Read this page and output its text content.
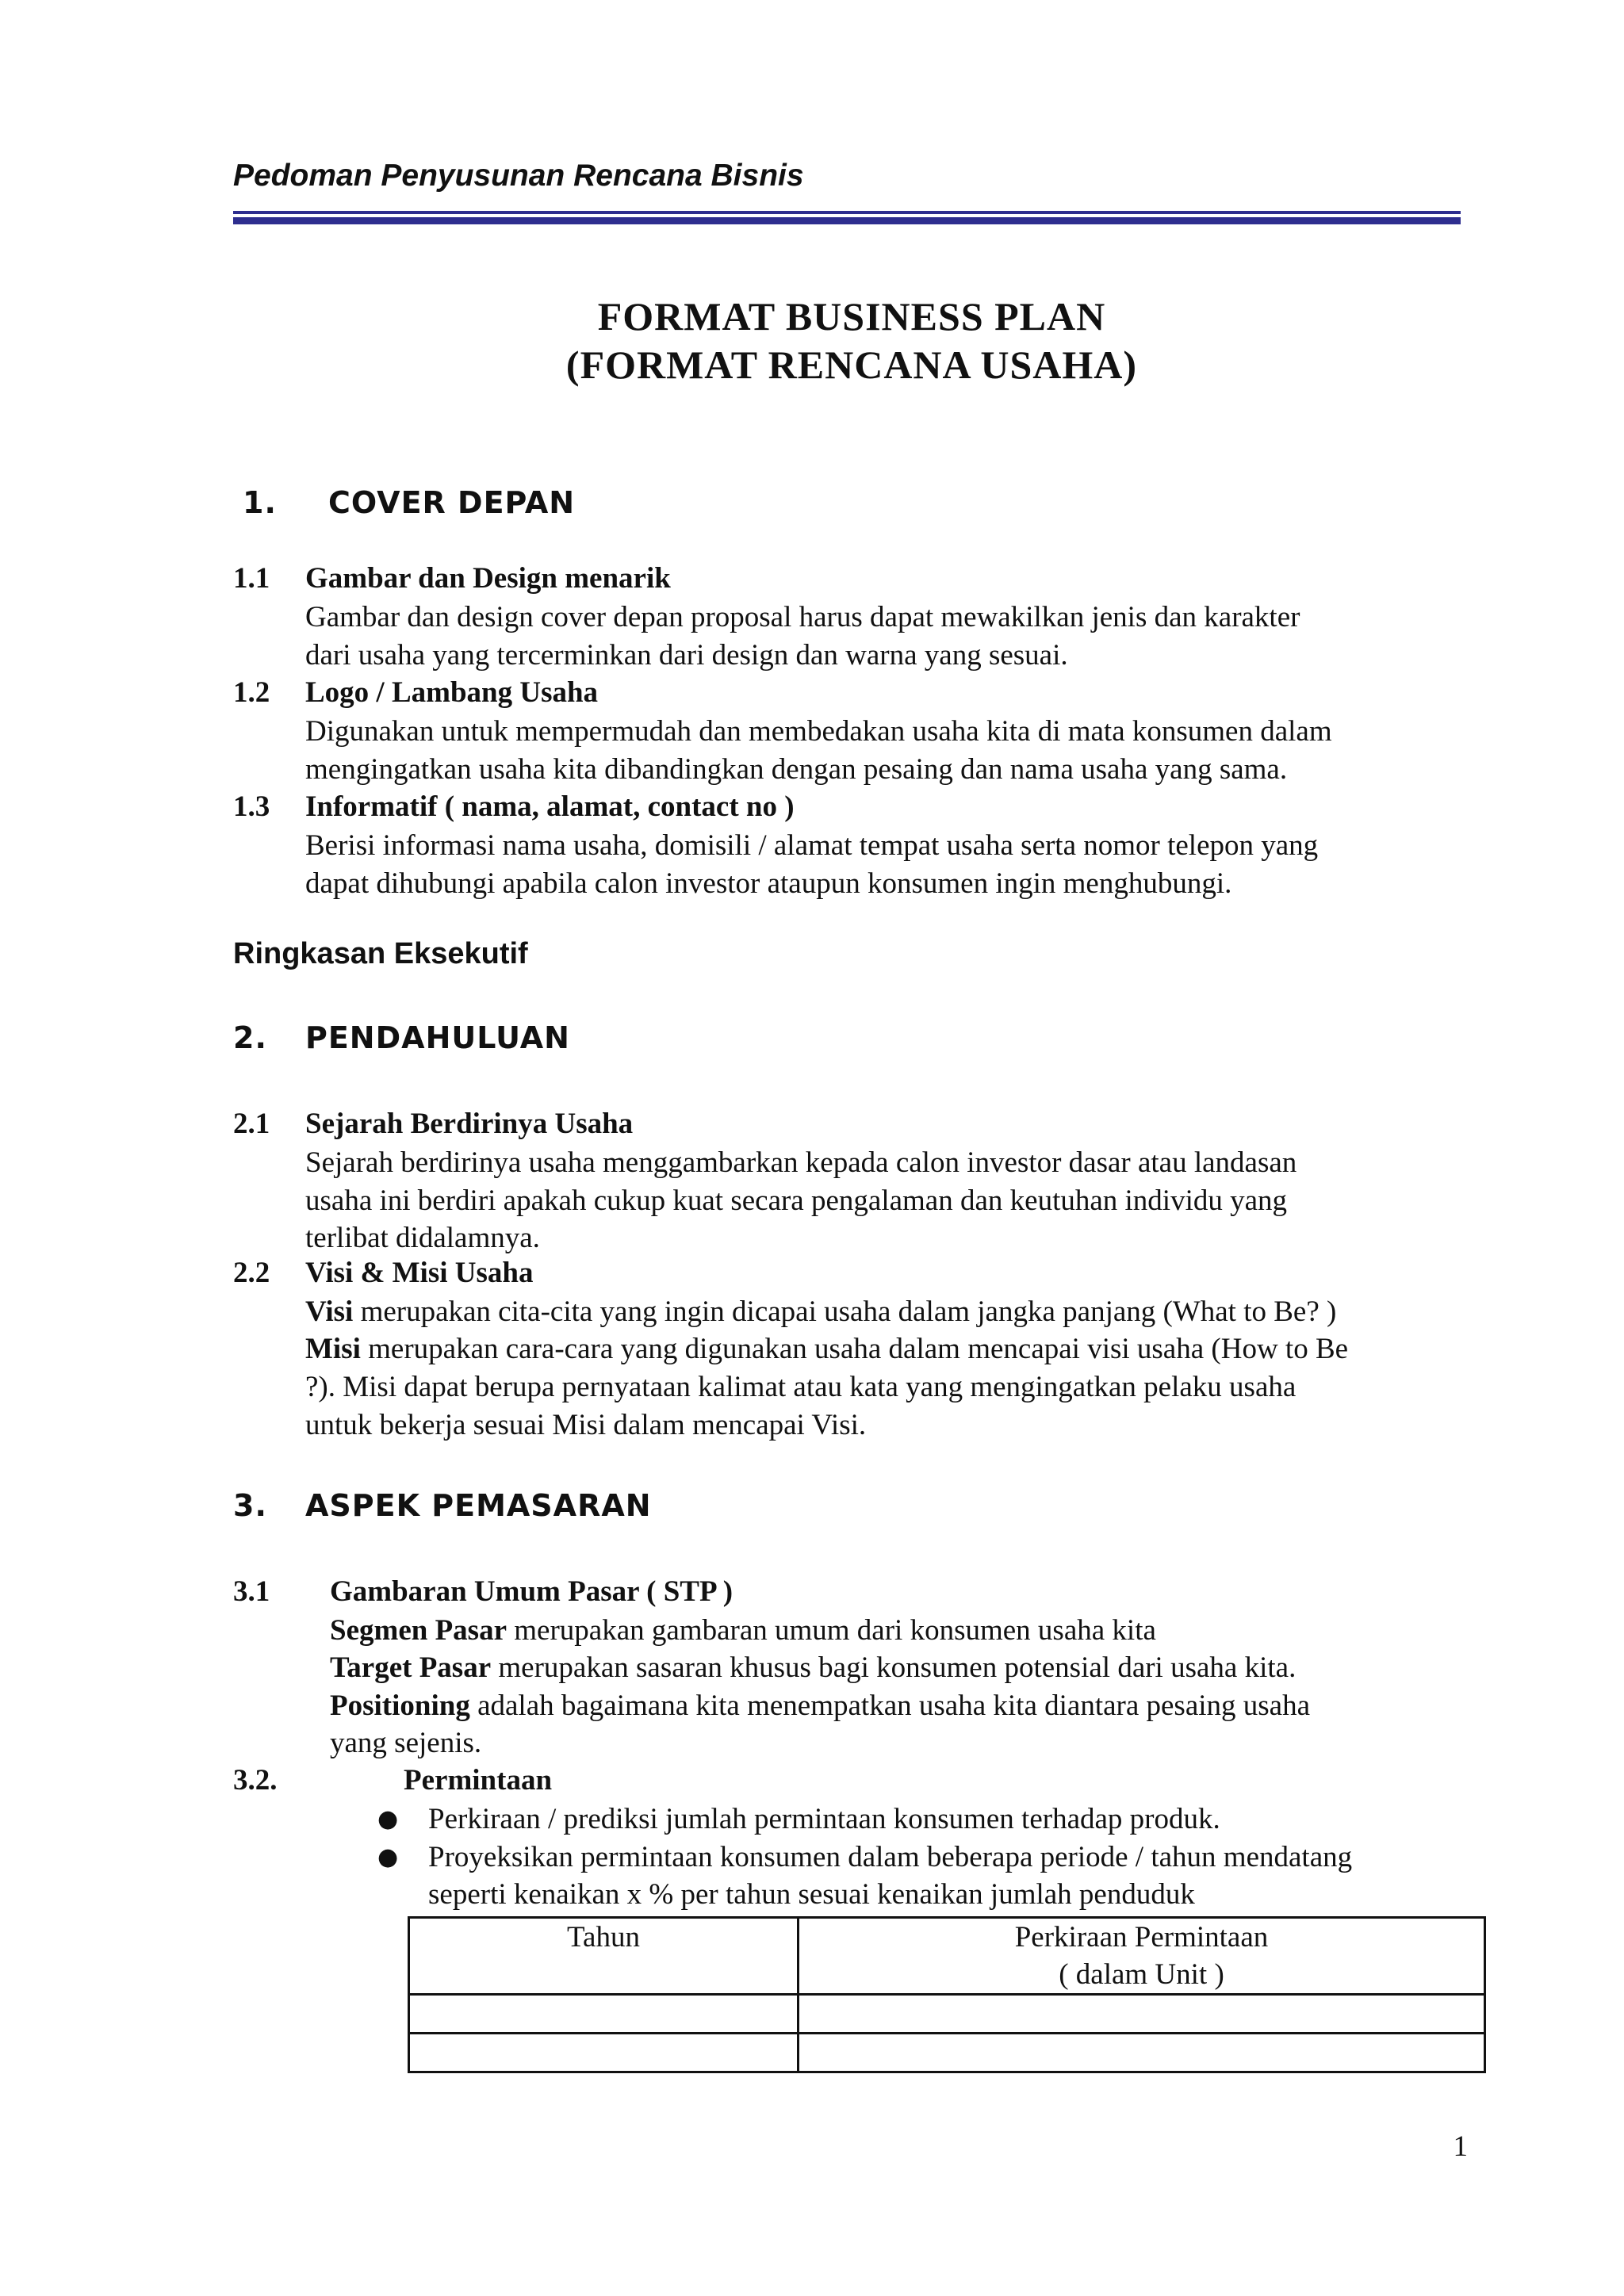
Pedoman Penyusunan Rencana Bisnis
FORMAT BUSINESS PLAN
(FORMAT RENCANA USAHA)
1. COVER DEPAN
1.1 Gambar dan Design menarik
Gambar dan design cover depan proposal harus dapat mewakilkan jenis dan karakter
dari usaha yang tercerminkan dari design dan warna yang sesuai.
1.2 Logo / Lambang Usaha
Digunakan untuk mempermudah dan membedakan usaha kita di mata konsumen dalam
mengingatkan usaha kita dibandingkan dengan pesaing dan nama usaha yang sama.
1.3 Informatif ( nama, alamat, contact no )
Berisi informasi nama usaha, domisili / alamat tempat usaha serta nomor telepon yang
dapat dihubungi apabila calon investor ataupun konsumen ingin menghubungi.
Ringkasan Eksekutif
2. PENDAHULUAN
2.1 Sejarah Berdirinya Usaha
Sejarah berdirinya usaha menggambarkan kepada calon investor dasar atau landasan
usaha ini berdiri apakah cukup kuat secara pengalaman dan keutuhan individu yang
terlibat didalamnya.
2.2 Visi & Misi Usaha
Visi merupakan cita-cita yang ingin dicapai usaha dalam jangka panjang (What to Be? )
Misi merupakan cara-cara yang digunakan usaha dalam mencapai visi usaha (How to Be
?). Misi dapat berupa pernyataan kalimat atau kata yang mengingatkan pelaku usaha
untuk bekerja sesuai Misi dalam mencapai Visi.
3. ASPEK PEMASARAN
3.1 Gambaran Umum Pasar ( STP )
Segmen Pasar merupakan gambaran umum dari konsumen usaha kita
Target Pasar merupakan sasaran khusus bagi konsumen potensial dari usaha kita.
Positioning adalah bagaimana kita menempatkan usaha kita diantara pesaing usaha
yang sejenis.
3.2.	Permintaan
● Perkiraan / prediksi jumlah permintaan konsumen terhadap produk.
● Proyeksikan permintaan konsumen dalam beberapa periode / tahun mendatang
seperti kenaikan x % per tahun sesuai kenaikan jumlah penduduk
Tahun	Perkiraan Permintaan
( dalam Unit )

1
